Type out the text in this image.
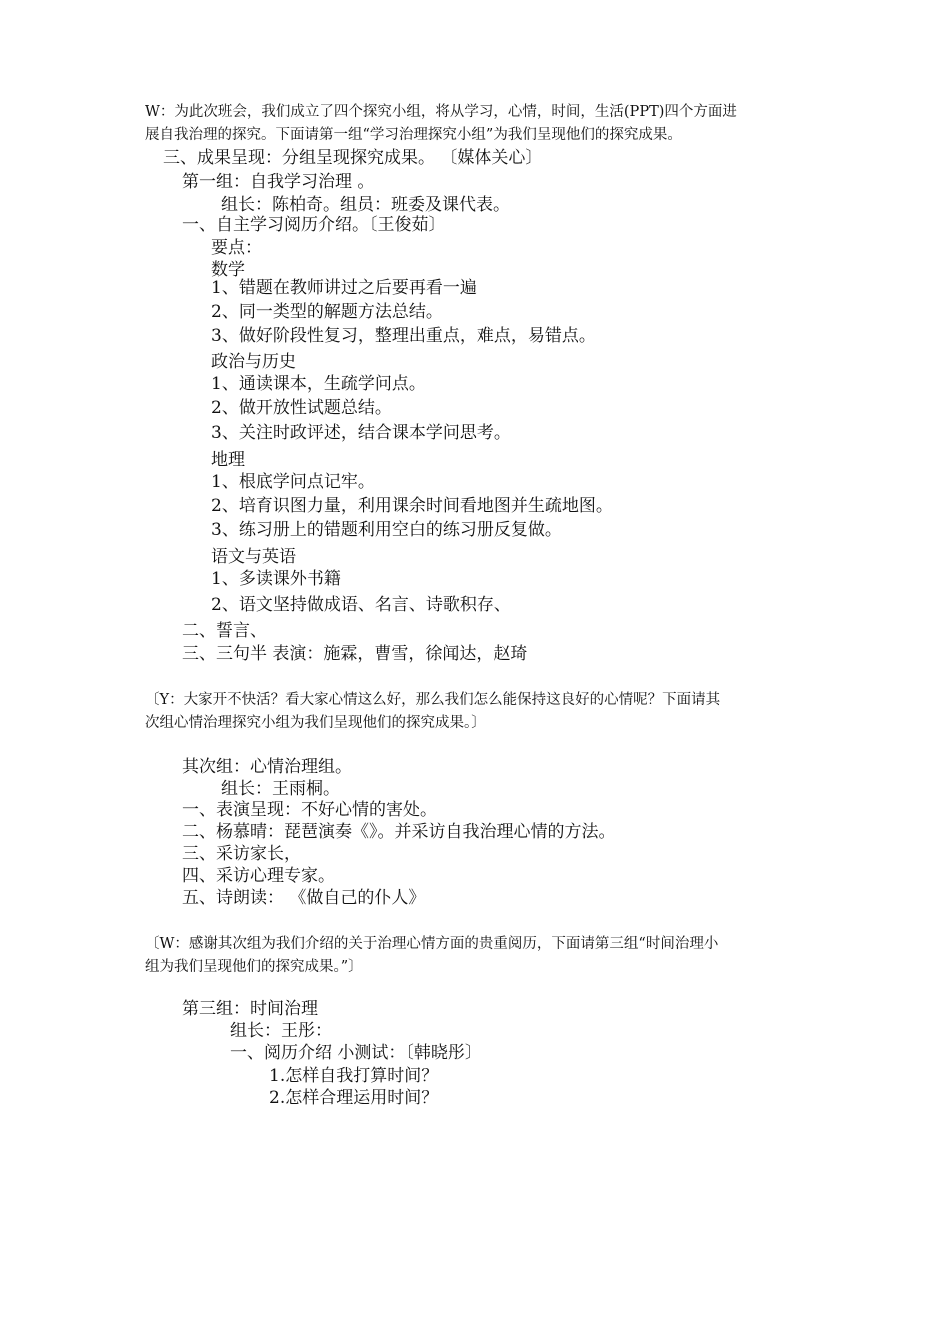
W：为此次班会，我们成立了四个探究小组，将从学习，心情，时间，生活(PPT)四个方面进
展自我治理的探究。下面请第一组“学习治理探究小组”为我们呈现他们的探究成果。
三、成果呈现：分组呈现探究成果。 〔媒体关心〕
第一组：自我学习治理 。
组长：陈柏奇。组员：班委及课代表。
一、自主学习阅历介绍。〔王俊茹〕
要点：
数学
1、错题在教师讲过之后要再看一遍
2、同一类型的解题方法总结。
3、做好阶段性复习，整理出重点，难点，易错点。
政治与历史
1、通读课本，生疏学问点。
2、做开放性试题总结。
3、关注时政评述，结合课本学问思考。
地理
1、根底学问点记牢。
2、培育识图力量，利用课余时间看地图并生疏地图。
3、练习册上的错题利用空白的练习册反复做。
语文与英语
1、多读课外书籍
2、语文坚持做成语、名言、诗歌积存、
二、誓言、
三、三句半 表演：施霖，曹雪，徐闻达，赵琦
〔Y：大家开不快活？看大家心情这么好，那么我们怎么能保持这良好的心情呢？下面请其
次组心情治理探究小组为我们呈现他们的探究成果。〕
其次组：心情治理组。
组长：王雨桐。
一、表演呈现：不好心情的害处。
二、杨慕晴：琵琶演奏《》。并采访自我治理心情的方法。
三、采访家长，
四、采访心理专家。
五、诗朗读： 《做自己的仆人》
〔W：感谢其次组为我们介绍的关于治理心情方面的贵重阅历，下面请第三组“时间治理小
组为我们呈现他们的探究成果。”〕
第三组：时间治理
组长：王彤：
一、阅历介绍 小测试：〔韩晓彤〕
1.怎样自我打算时间？
2.怎样合理运用时间？
